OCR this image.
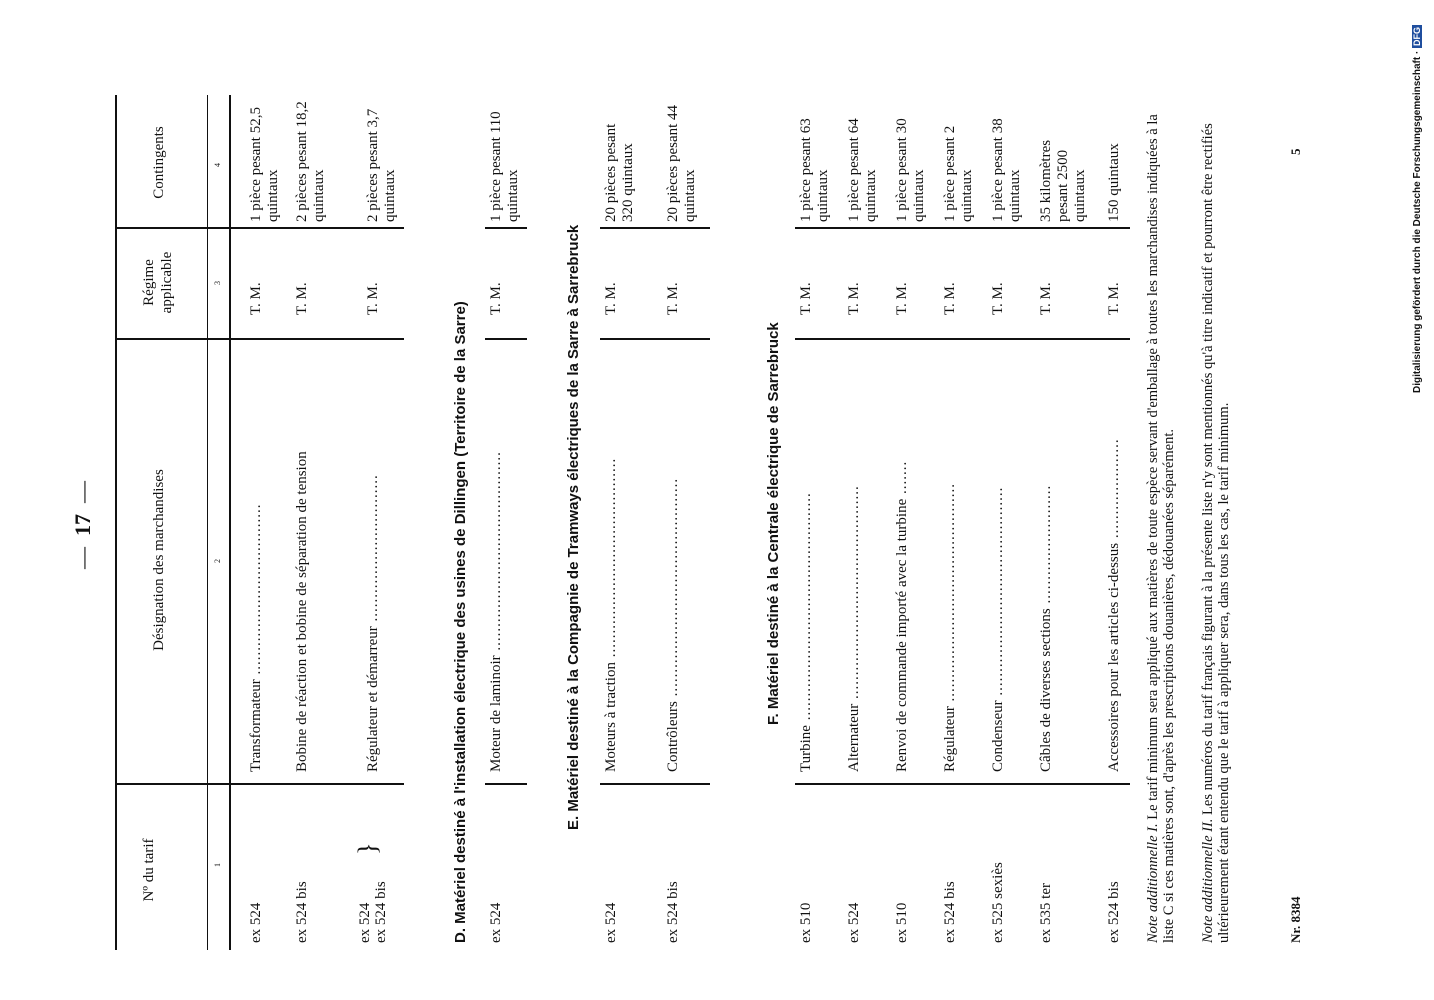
Digitalisierung gefördert durch die Deutsche Forschungsgemeinschaft · DFG
—  17  —
Nº du tarif
Désignation des marchandises
Régime applicable
Contingents
1
2
3
4
ex 524
Transformateur ....................................
T. M.
1 pièce pesant 52,5 quintaux
ex 524 bis
Bobine de réaction et bobine de séparation de tension
T. M.
2 pièces pesant 18,2 quintaux
ex 524
ex 524 bis
}
Régulateur et démarreur ...............................
T. M.
2 pièces pesant 3,7 quintaux
D. Matériel destiné à l'installation électrique des usines de Dillingen (Territoire de la Sarre) ex 524
Moteur de laminoir ..........................................
T. M.
1 pièce pesant 110 quintaux
E. Matériel destiné à la Compagnie de Tramways électriques de la Sarre à Sarrebruck
ex 524
Moteurs à traction ..........................................
T. M.
20 pièces pesant 320 quintaux
ex 524 bis
Contrôleurs ..............................................
T. M.
20 pièces pesant 44 quintaux
F. Matériel destiné à la Centrale électrique de Sarrebruck
ex 510
Turbine ................................................
T. M.
1 pièce pesant 63 quintaux
ex 524
Alternateur .............................................
T. M.
1 pièce pesant 64 quintaux
ex 510
Renvoi de commande importé avec la turbine .......
T. M.
1 pièce pesant 30 quintaux
ex 524 bis
Régulateur ..............................................
T. M.
1 pièce pesant 2 quintaux
ex 525 sexiès
Condenseur ............................................
T. M.
1 pièce pesant 38 quintaux
ex 535 ter
Câbles de diverses sections .........................
T. M.
35 kilomètres pesant 2500 quintaux
ex 524 bis
Accessoires pour les articles ci-dessus .....................
T. M.
150 quintaux
Note additionnelle I. Le tarif minimum sera appliqué aux matières de toute espèce servant d'emballage à toutes les marchandises indiquées à la liste C si ces matières sont, d'après les prescriptions douanières, dédouanées séparément. Note additionnelle II. Les numéros du tarif français figurant à la présente liste n'y sont mentionnés qu'à titre indicatif et pourront être rectifiés ultérieurement étant entendu que le tarif à appliquer sera, dans tous les cas, le tarif minimum.	Nr. 8384
5
